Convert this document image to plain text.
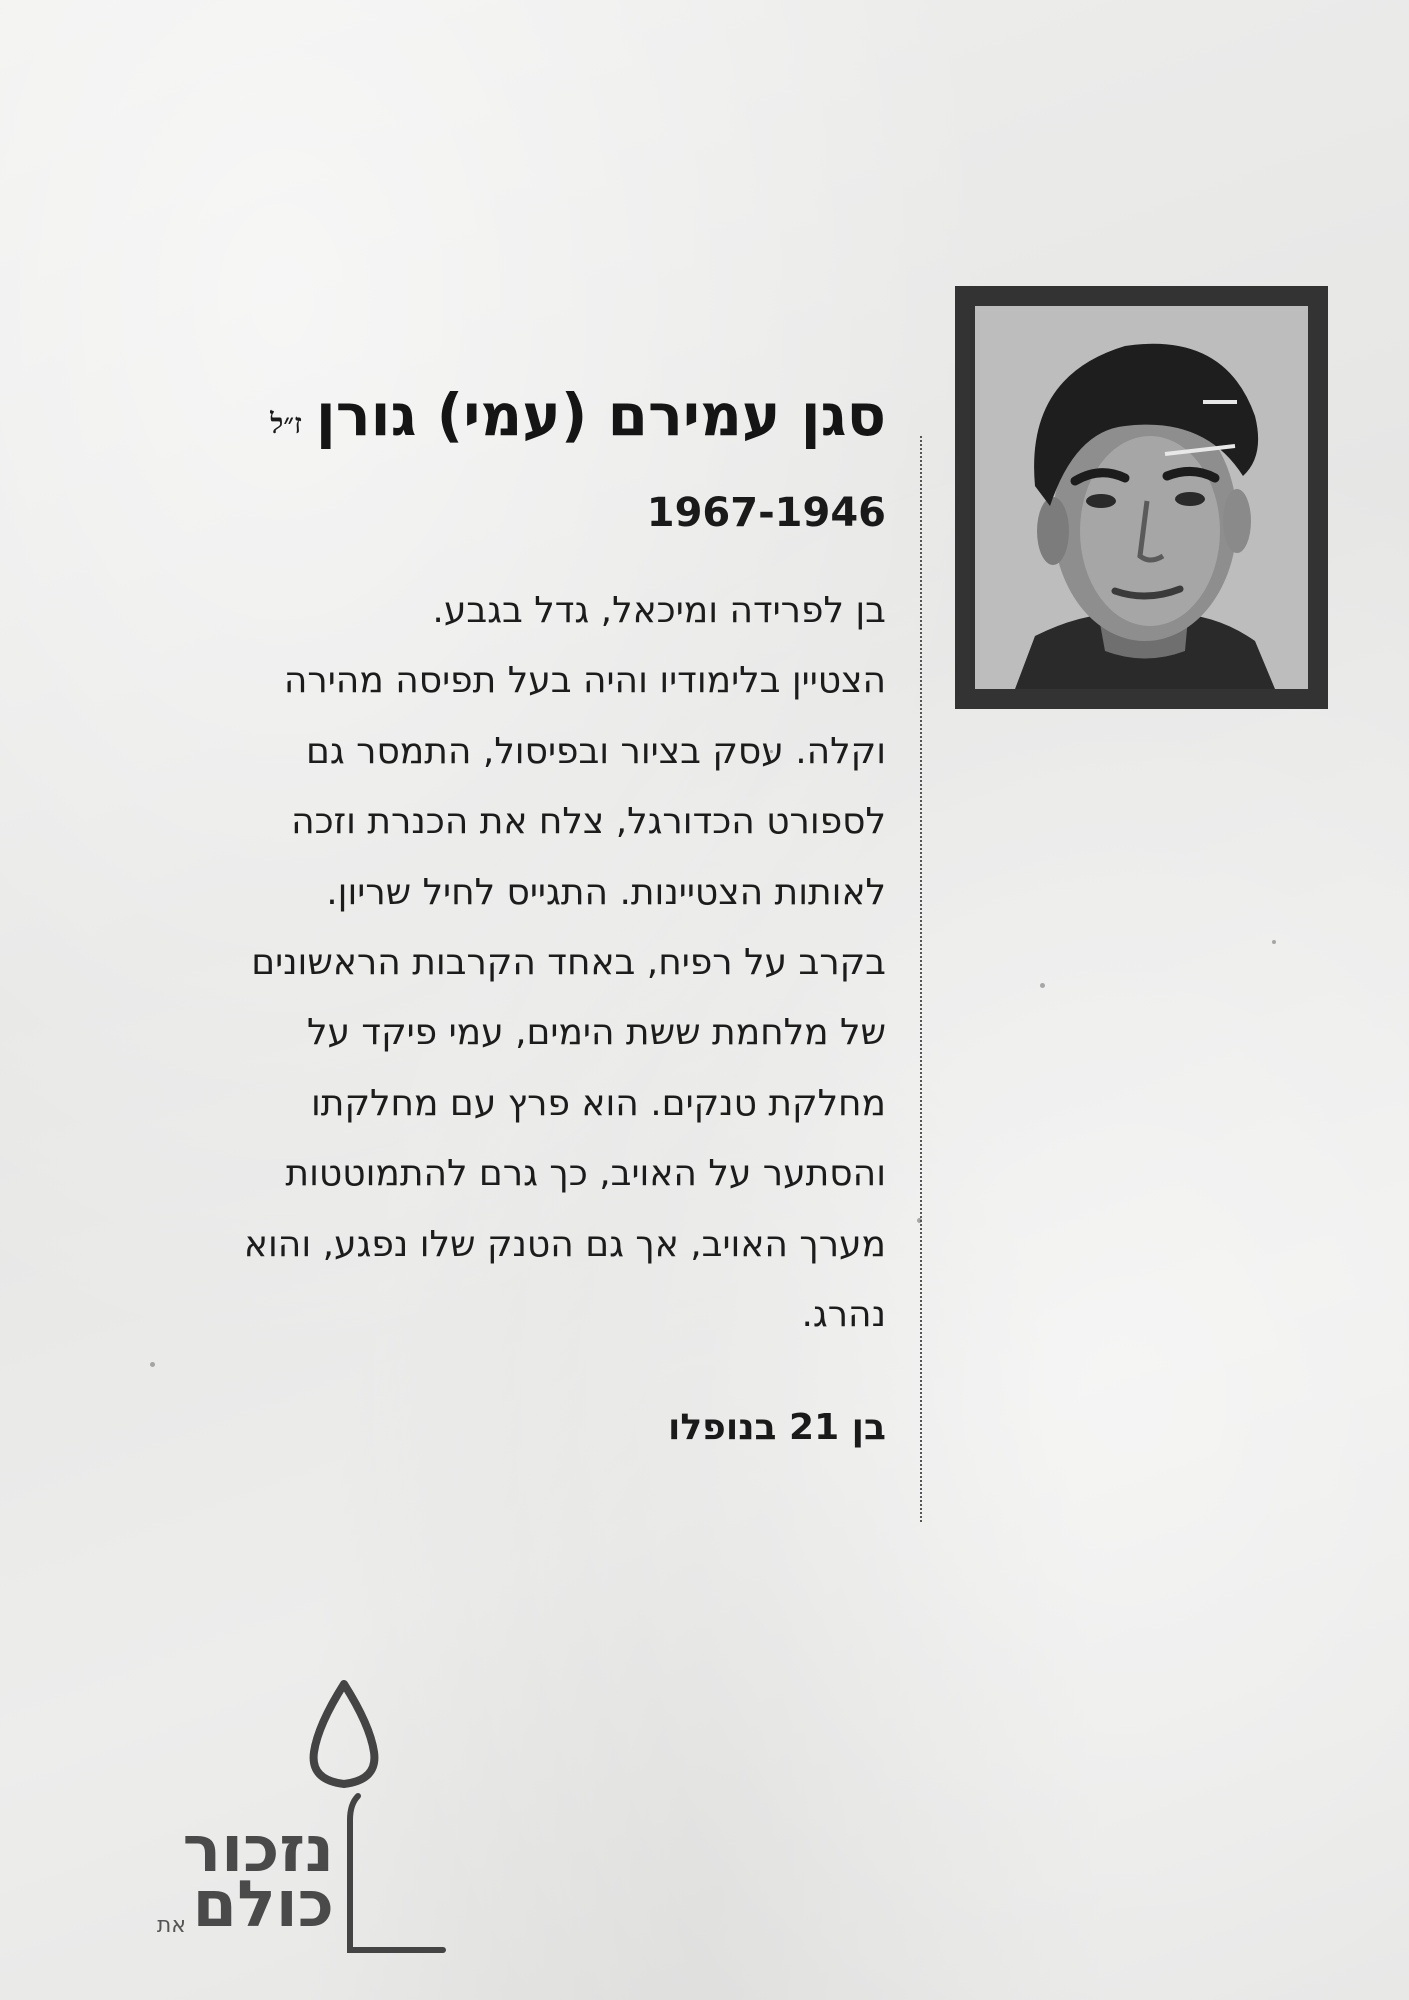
סגן עמירם (עמי) גורן
ז״ל
1967-1946
בן לפרידה ומיכאל, גדל בגבע.
הצטיין בלימודיו והיה בעל תפיסה מהירה
וקלה. עסק בציור ובפיסול, התמסר גם
לספורט הכדורגל, צלח את הכנרת וזכה
לאותות הצטיינות. התגייס לחיל שריון.
בקרב על רפיח, באחד הקרבות הראשונים
של מלחמת ששת הימים, עמי פיקד על
מחלקת טנקים. הוא פרץ עם מחלקתו
והסתער על האויב, כך גרם להתמוטטות
מערך האויב, אך גם הטנק שלו נפגע, והוא
נהרג.
בן 21 בנופלו
נזכור
את כולם
